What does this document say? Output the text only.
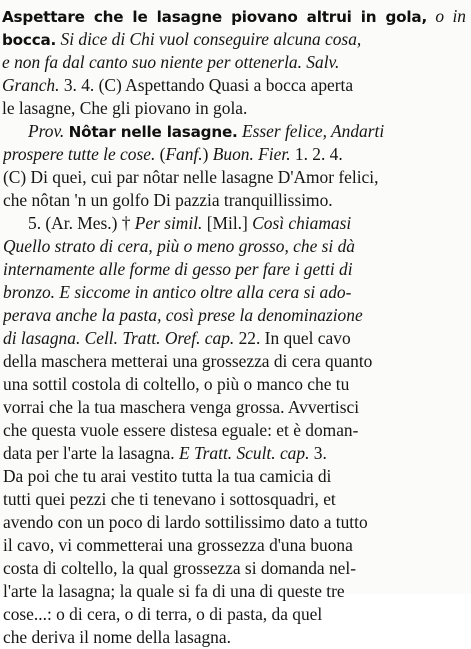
Aspettare che le lasagne piovano altrui in gola, o in
bocca. Si dice di Chi vuol conseguire alcuna cosa,
e non fa dal canto suo niente per ottenerla. Salv.
Granch. 3. 4. (C) Aspettando Quasi a bocca aperta
le lasagne, Che gli piovano in gola.
Prov. Nôtar nelle lasagne. Esser felice, Andarti
prospere tutte le cose. (Fanf.) Buon. Fier. 1. 2. 4.
(C) Di quei, cui par nôtar nelle lasagne D'Amor felici,
che nôtan 'n un golfo Di pazzia tranquillissimo.
5. (Ar. Mes.) † Per simil. [Mil.] Così chiamasi
Quello strato di cera, più o meno grosso, che si dà
internamente alle forme di gesso per fare i getti di
bronzo. E siccome in antico oltre alla cera si ado-
perava anche la pasta, così prese la denominazione
di lasagna. Cell. Tratt. Oref. cap. 22. In quel cavo
della maschera metterai una grossezza di cera quanto
una sottil costola di coltello, o più o manco che tu
vorrai che la tua maschera venga grossa. Avvertisci
che questa vuole essere distesa eguale: et è doman-
data per l'arte la lasagna. E Tratt. Scult. cap. 3.
Da poi che tu arai vestito tutta la tua camicia di
tutti quei pezzi che ti tenevano i sottosquadri, et
avendo con un poco di lardo sottilissimo dato a tutto
il cavo, vi commetterai una grossezza d'una buona
costa di coltello, la qual grossezza si domanda nel-
l'arte la lasagna; la quale si fa di una di queste tre
cose...: o di cera, o di terra, o di pasta, da quel
che deriva il nome della lasagna.
